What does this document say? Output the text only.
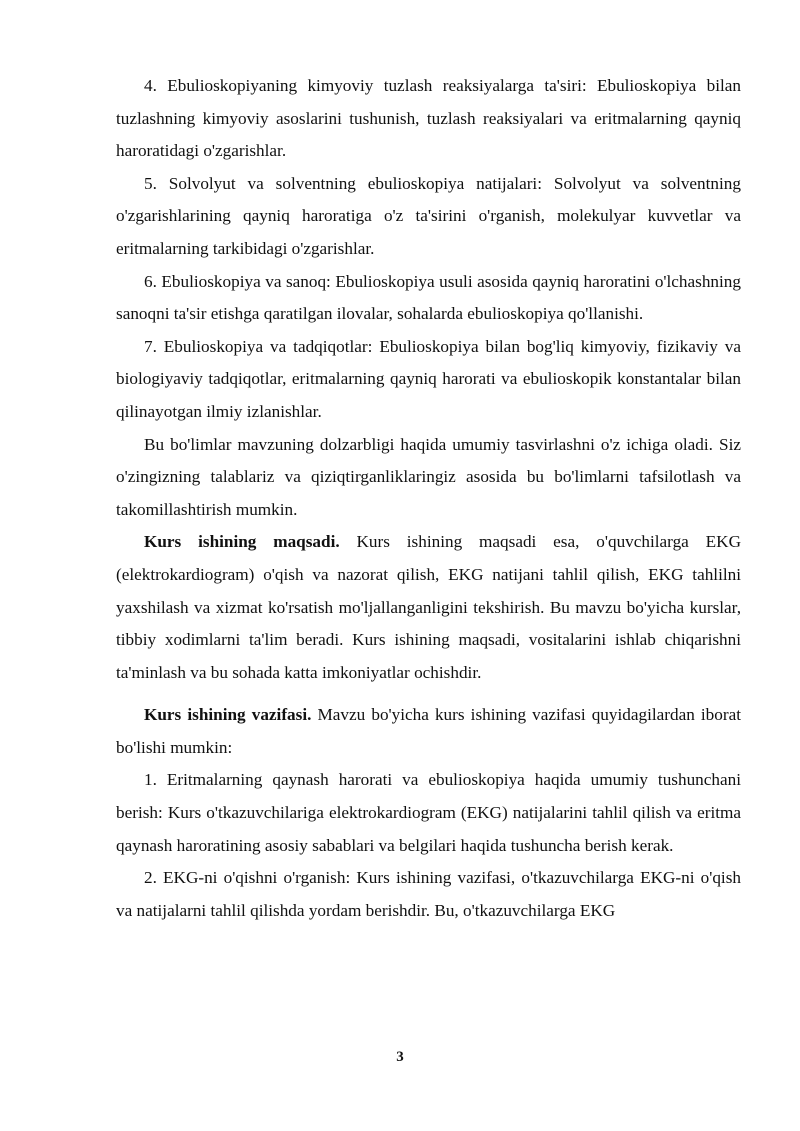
4. Ebulioskopiyaning kimyoviy tuzlash reaksiyalarga ta'siri: Ebulioskopiya bilan tuzlashning kimyoviy asoslarini tushunish, tuzlash reaksiyalari va eritmalarning qayniq haroratidagi o'zgarishlar.

5. Solvolyut va solventning ebulioskopiya natijalari: Solvolyut va solventning o'zgarishlarining qayniq haroratiga o'z ta'sirini o'rganish, molekulyar kuvvetlar va eritmalarning tarkibidagi o'zgarishlar.

6. Ebulioskopiya va sanoq: Ebulioskopiya usuli asosida qayniq haroratini o'lchashning sanoqni ta'sir etishga qaratilgan ilovalar, sohalarda ebulioskopiya qo'llanishi.

7. Ebulioskopiya va tadqiqotlar: Ebulioskopiya bilan bog'liq kimyoviy, fizikaviy va biologiyaviy tadqiqotlar, eritmalarning qayniq harorati va ebulioskopik konstantalar bilan qilinayotgan ilmiy izlanishlar.

Bu bo'limlar mavzuning dolzarbligi haqida umumiy tasvirlashni o'z ichiga oladi. Siz o'zingizning talablariz va qiziqtirganliklaringiz asosida bu bo'limlarni tafsilotlash va takomillashtirish mumkin.

Kurs ishining maqsadi. Kurs ishining maqsadi esa, o'quvchilarga EKG (elektrokardiogram) o'qish va nazorat qilish, EKG natijani tahlil qilish, EKG tahlilni yaxshilash va xizmat ko'rsatish mo'ljallanganligini tekshirish. Bu mavzu bo'yicha kurslar, tibbiy xodimlarni ta'lim beradi. Kurs ishining maqsadi, vositalarini ishlab chiqarishni ta'minlash va bu sohada katta imkoniyatlar ochishdir.

Kurs ishining vazifasi. Mavzu bo'yicha kurs ishining vazifasi quyidagilardan iborat bo'lishi mumkin:

1. Eritmalarning qaynash harorati va ebulioskopiya haqida umumiy tushunchani berish: Kurs o'tkazuvchilariga elektrokardiogram (EKG) natijalarini tahlil qilish va eritma qaynash haroratining asosiy sabablari va belgilari haqida tushuncha berish kerak.

2. EKG-ni o'qishni o'rganish: Kurs ishining vazifasi, o'tkazuvchilarga EKG-ni o'qish va natijalarni tahlil qilishda yordam berishdir. Bu, o'tkazuvchilarga EKG

3
